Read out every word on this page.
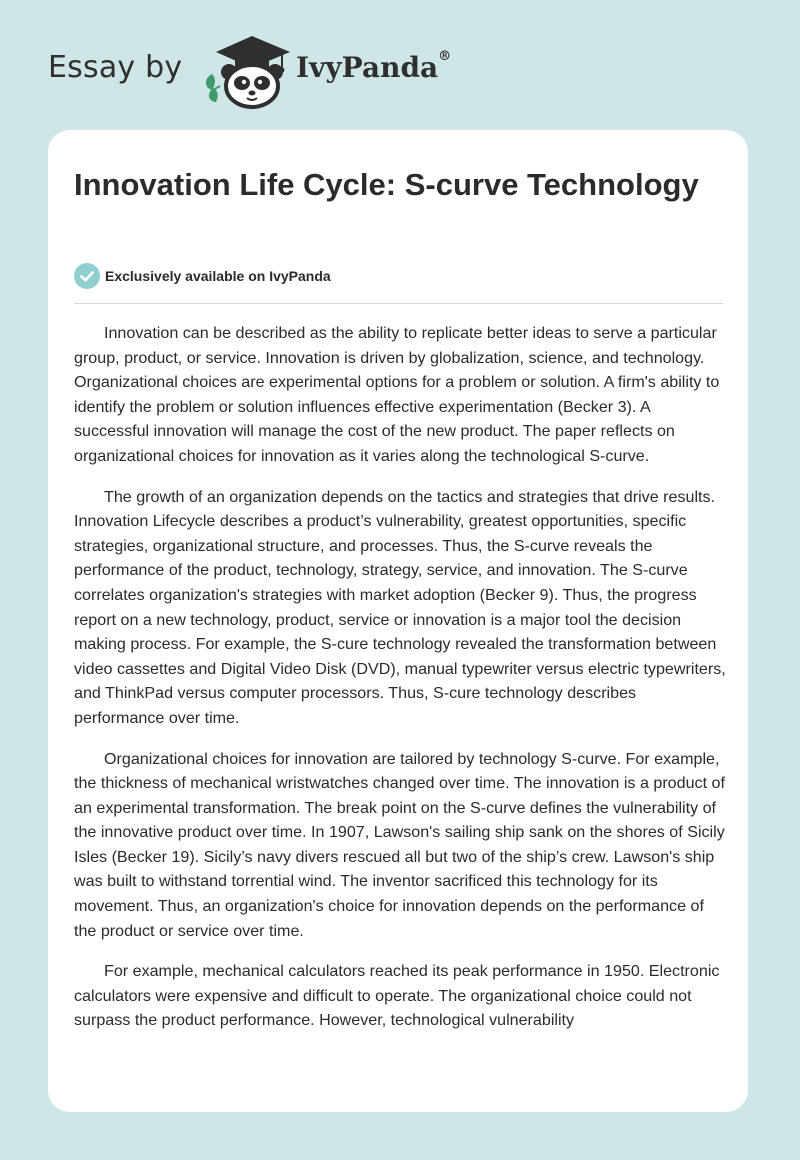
Essay by	IvyPanda®
Innovation Life Cycle: S-curve Technology
Exclusively available on IvyPanda

Innovation can be described as the ability to replicate better ideas to serve a particular group, product, or service. Innovation is driven by globalization, science, and technology. Organizational choices are experimental options for a problem or solution. A firm's ability to identify the problem or solution influences effective experimentation (Becker 3). A successful innovation will manage the cost of the new product. The paper reflects on organizational choices for innovation as it varies along the technological S-curve.

The growth of an organization depends on the tactics and strategies that drive results. Innovation Lifecycle describes a product’s vulnerability, greatest opportunities, specific strategies, organizational structure, and processes. Thus, the S-curve reveals the performance of the product, technology, strategy, service, and innovation. The S-curve correlates organization's strategies with market adoption (Becker 9). Thus, the progress report on a new technology, product, service or innovation is a major tool the decision making process. For example, the S-cure technology revealed the transformation between video cassettes and Digital Video Disk (DVD), manual typewriter versus electric typewriters, and ThinkPad versus computer processors. Thus, S-cure technology describes performance over time.

Organizational choices for innovation are tailored by technology S-curve. For example, the thickness of mechanical wristwatches changed over time. The innovation is a product of an experimental transformation. The break point on the S-curve defines the vulnerability of the innovative product over time. In 1907, Lawson's sailing ship sank on the shores of Sicily Isles (Becker 19). Sicily’s navy divers rescued all but two of the ship’s crew. Lawson's ship was built to withstand torrential wind. The inventor sacrificed this technology for its movement. Thus, an organization's choice for innovation depends on the performance of the product or service over time.

For example, mechanical calculators reached its peak performance in 1950. Electronic calculators were expensive and difficult to operate. The organizational choice could not surpass the product performance. However, technological vulnerability
